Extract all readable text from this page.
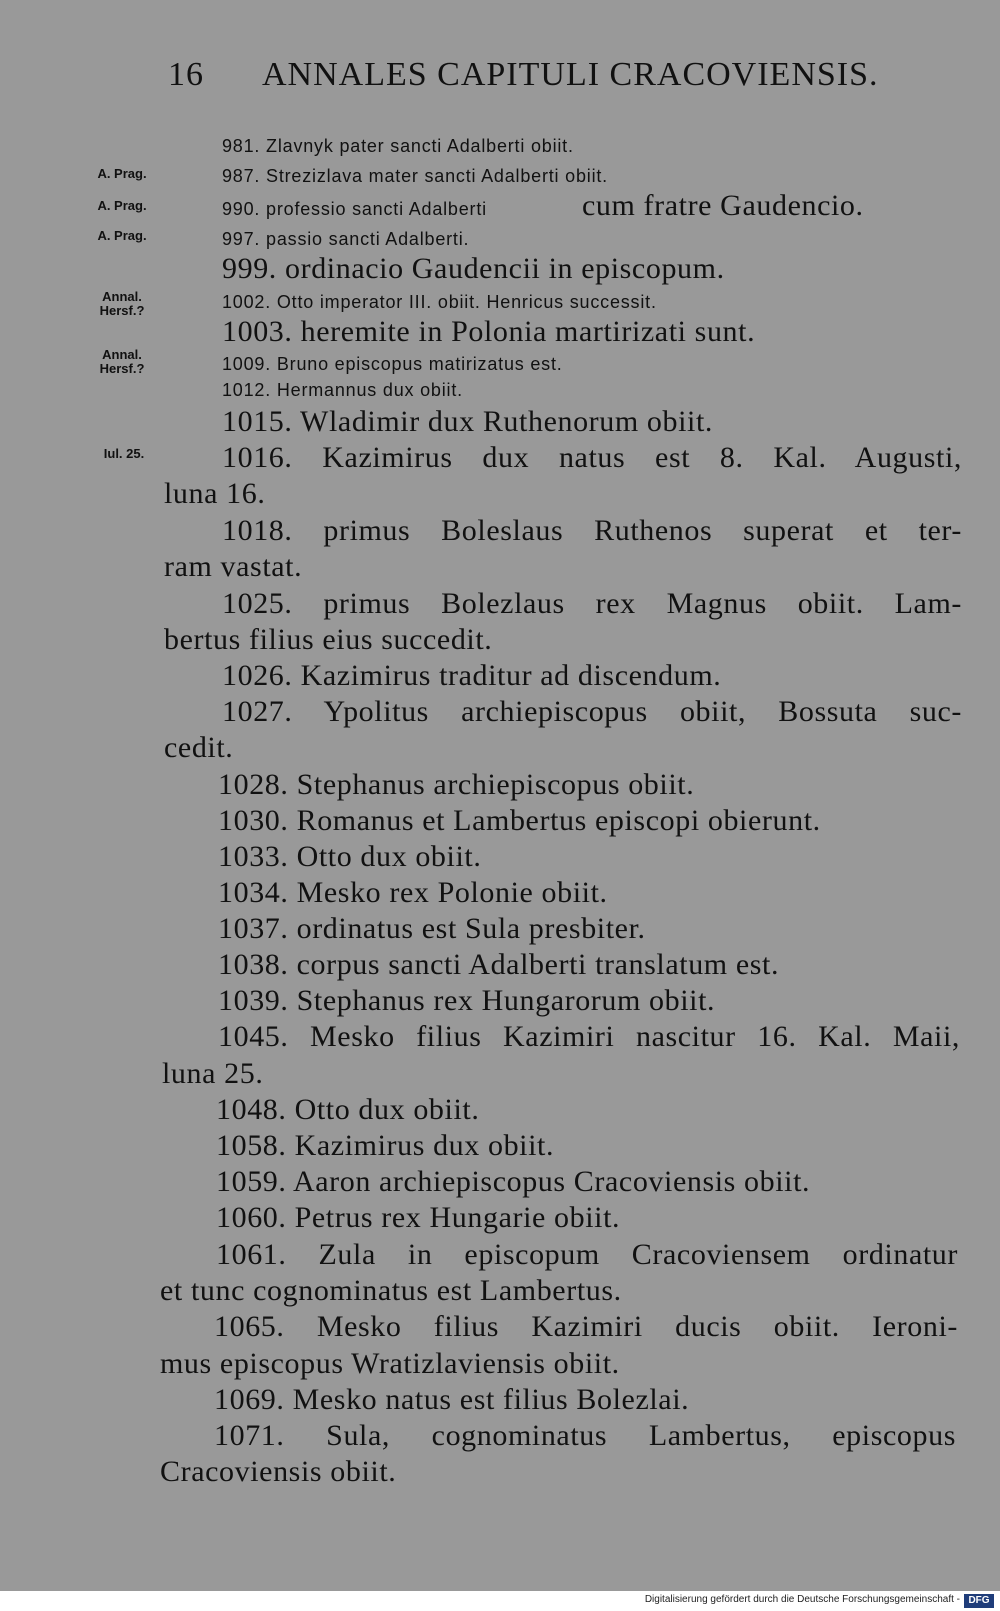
16 ANNALES CAPITULI CRACOVIENSIS.
A. Prag.
A. Prag.
A. Prag.
Annal. Hersf.?
Annal. Hersf.?
Iul. 25.
981. Zlavnyk pater sancti Adalberti obiit.
987. Strezizlava mater sancti Adalberti obiit.
990. professio sancti Adalberti	cum fratre Gaudencio.
997. passio sancti Adalberti.
999. ordinacio Gaudencii in episcopum.
1002. Otto imperator III. obiit. Henricus successit.
1003. heremite in Polonia martirizati sunt.
1009. Bruno episcopus matirizatus est.
1012. Hermannus dux obiit.
1015. Wladimir dux Ruthenorum obiit.
1016. Kazimirus dux natus est 8. Kal. Augusti,
luna 16.
1018. primus Boleslaus Ruthenos superat et ter-
ram vastat.
1025. primus Bolezlaus rex Magnus obiit. Lam-
bertus filius eius succedit.
1026. Kazimirus traditur ad discendum.
1027. Ypolitus archiepiscopus obiit, Bossuta suc-
cedit.
1028. Stephanus archiepiscopus obiit.
1030. Romanus et Lambertus episcopi obierunt.
1033. Otto dux obiit.
1034. Mesko rex Polonie obiit.
1037. ordinatus est Sula presbiter.
1038. corpus sancti Adalberti translatum est.
1039. Stephanus rex Hungarorum obiit.
1045. Mesko filius Kazimiri nascitur 16. Kal. Maii,
luna 25.
1048. Otto dux obiit.
1058. Kazimirus dux obiit.
1059. Aaron archiepiscopus Cracoviensis obiit.
1060. Petrus rex Hungarie obiit.
1061. Zula in episcopum Cracoviensem ordinatur
et tunc cognominatus est Lambertus.
1065. Mesko filius Kazimiri ducis obiit. Ieroni-
mus episcopus Wratizlaviensis obiit.
1069. Mesko natus est filius Bolezlai.
1071. Sula, cognominatus Lambertus, episcopus
Cracoviensis obiit.
Digitalisierung gefördert durch die Deutsche Forschungsgemeinschaft - DFG
